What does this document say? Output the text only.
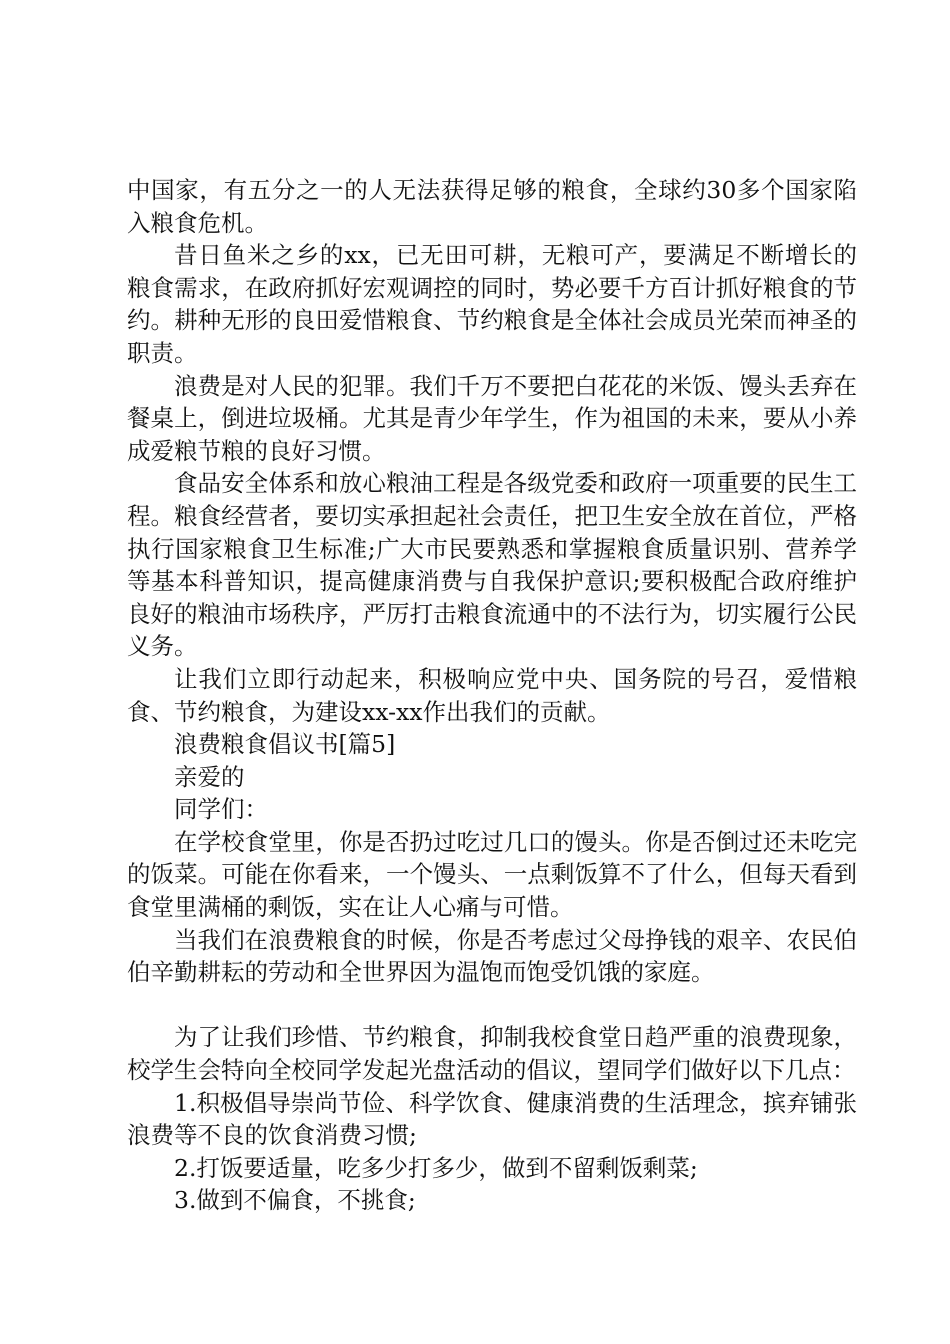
中国家，有五分之一的人无法获得足够的粮食，全球约30多个国家陷入粮食危机。

昔日鱼米之乡的xx，已无田可耕，无粮可产，要满足不断增长的粮食需求，在政府抓好宏观调控的同时，势必要千方百计抓好粮食的节约。耕种无形的良田爱惜粮食、节约粮食是全体社会成员光荣而神圣的职责。

浪费是对人民的犯罪。我们千万不要把白花花的米饭、馒头丢弃在餐桌上，倒进垃圾桶。尤其是青少年学生，作为祖国的未来，要从小养成爱粮节粮的良好习惯。

食品安全体系和放心粮油工程是各级党委和政府一项重要的民生工程。粮食经营者，要切实承担起社会责任，把卫生安全放在首位，严格执行国家粮食卫生标准;广大市民要熟悉和掌握粮食质量识别、营养学等基本科普知识，提高健康消费与自我保护意识;要积极配合政府维护良好的粮油市场秩序，严厉打击粮食流通中的不法行为，切实履行公民义务。

让我们立即行动起来，积极响应党中央、国务院的号召，爱惜粮食、节约粮食，为建设xx-xx作出我们的贡献。

浪费粮食倡议书[篇5]

亲爱的

同学们：

在学校食堂里，你是否扔过吃过几口的馒头。你是否倒过还未吃完的饭菜。可能在你看来，一个馒头、一点剩饭算不了什么，但每天看到食堂里满桶的剩饭，实在让人心痛与可惜。

当我们在浪费粮食的时候，你是否考虑过父母挣钱的艰辛、农民伯伯辛勤耕耘的劳动和全世界因为温饱而饱受饥饿的家庭。

为了让我们珍惜、节约粮食，抑制我校食堂日趋严重的浪费现象，校学生会特向全校同学发起光盘活动的倡议，望同学们做好以下几点：

1.积极倡导崇尚节俭、科学饮食、健康消费的生活理念，摈弃铺张浪费等不良的饮食消费习惯;

2.打饭要适量，吃多少打多少，做到不留剩饭剩菜;

3.做到不偏食，不挑食;
